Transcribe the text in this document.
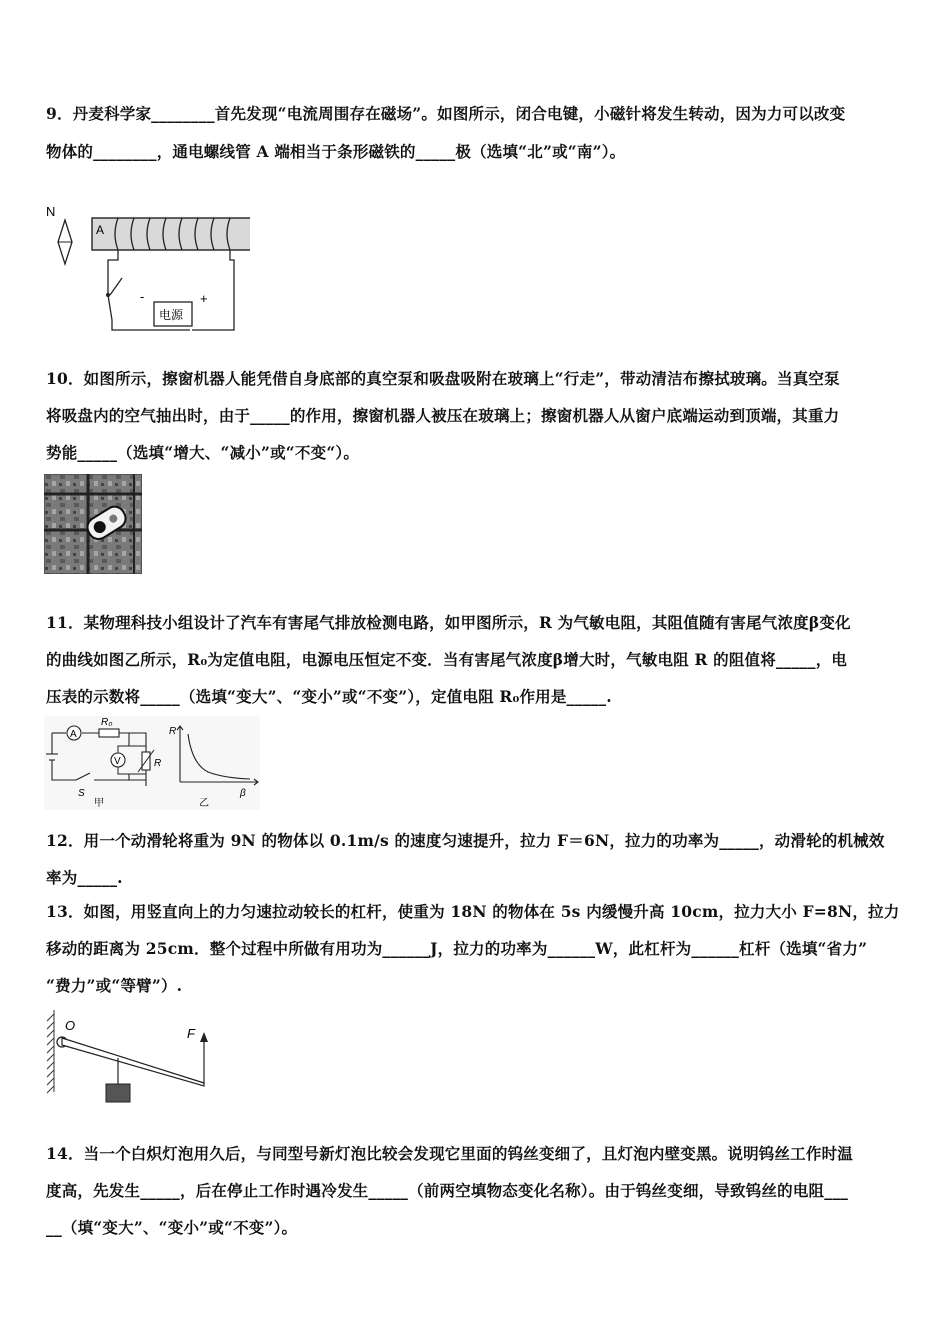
9．丹麦科学家________首先发现“电流周围存在磁场”。如图所示，闭合电键，小磁针将发生转动，因为力可以改变
物体的________，通电螺线管 A 端相当于条形磁铁的_____极（选填“北”或“南”）。
N
A
电源
-	+
10．如图所示，擦窗机器人能凭借自身底部的真空泵和吸盘吸附在玻璃上“行走”，带动清洁布擦拭玻璃。当真空泵
将吸盘内的空气抽出时，由于_____的作用，擦窗机器人被压在玻璃上；擦窗机器人从窗户底端运动到顶端，其重力
势能_____（选填“增大、“减小”或“不变“）。
11．某物理科技小组设计了汽车有害尾气排放检测电路，如甲图所示，R 为气敏电阻，其阻值随有害尾气浓度β变化
的曲线如图乙所示，R₀为定值电阻，电源电压恒定不变．当有害尾气浓度β增大时，气敏电阻 R 的阻值将_____，电
压表的示数将_____（选填“变大”、“变小”或“不变”），定值电阻 R₀作用是_____.
A
R₀
V	R
S
甲
R
β
乙
12．用一个动滑轮将重为 9N 的物体以 0.1m/s 的速度匀速提升，拉力 F＝6N，拉力的功率为_____，动滑轮的机械效
率为_____.
13．如图，用竖直向上的力匀速拉动较长的杠杆，使重为 18N 的物体在 5s 内缓慢升高 10cm，拉力大小 F=8N，拉力
移动的距离为 25cm．整个过程中所做有用功为______J，拉力的功率为______W，此杠杆为______杠杆（选填“省力”
“费力”或“等臂”）.
O
F
14．当一个白炽灯泡用久后，与同型号新灯泡比较会发现它里面的钨丝变细了，且灯泡内壁变黑。说明钨丝工作时温
度高，先发生_____，后在停止工作时遇冷发生_____（前两空填物态变化名称）。由于钨丝变细，导致钨丝的电阻___
__（填“变大”、“变小”或“不变”）。
